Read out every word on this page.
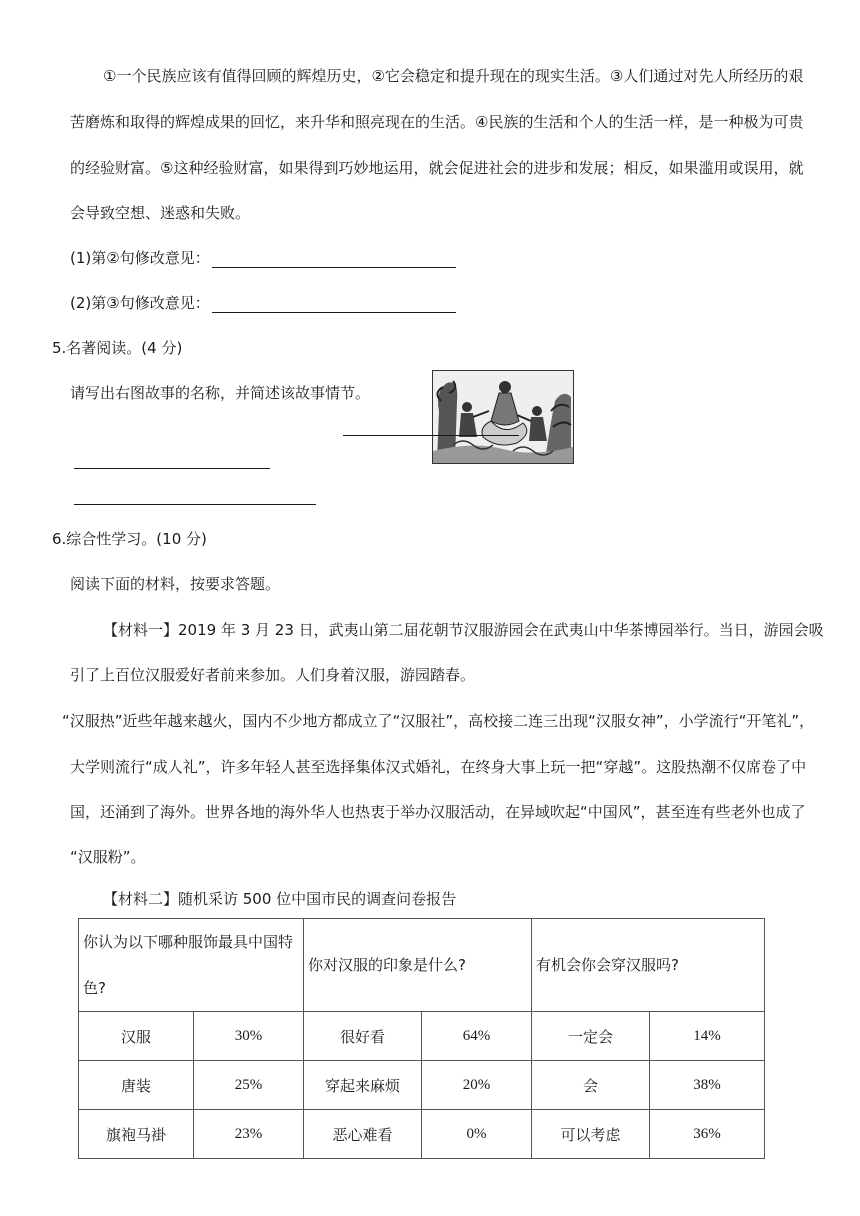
①一个民族应该有值得回顾的辉煌历史，②它会稳定和提升现在的现实生活。③人们通过对先人所经历的艰
苦磨炼和取得的辉煌成果的回忆，来升华和照亮现在的生活。④民族的生活和个人的生活一样，是一种极为可贵
的经验财富。⑤这种经验财富，如果得到巧妙地运用，就会促进社会的进步和发展；相反，如果滥用或误用，就
会导致空想、迷惑和失败。
(1)第②句修改意见：
(2)第③句修改意见：
5.名著阅读。(4 分)
请写出右图故事的名称，并简述该故事情节。
6.综合性学习。(10 分)
阅读下面的材料，按要求答题。
【材料一】2019 年 3 月 23 日，武夷山第二届花朝节汉服游园会在武夷山中华茶博园举行。当日，游园会吸
引了上百位汉服爱好者前来参加。人们身着汉服，游园踏春。
“汉服热”近些年越来越火，国内不少地方都成立了“汉服社”，高校接二连三出现“汉服女神”，小学流行“开笔礼”，
大学则流行“成人礼”，许多年轻人甚至选择集体汉式婚礼，在终身大事上玩一把“穿越”。这股热潮不仅席卷了中
国，还涌到了海外。世界各地的海外华人也热衷于举办汉服活动，在异域吹起“中国风”，甚至连有些老外也成了
“汉服粉”。
【材料二】随机采访 500 位中国市民的调查问卷报告
你认为以下哪种服饰最具中国特
色?		你对汉服的印象是什么?		有机会你会穿汉服吗?	
汉服	30%	很好看	64%	一定会	14%
唐装	25%	穿起来麻烦	20%	会	38%
旗袍马褂	23%	恶心难看	0%	可以考虑	36%
